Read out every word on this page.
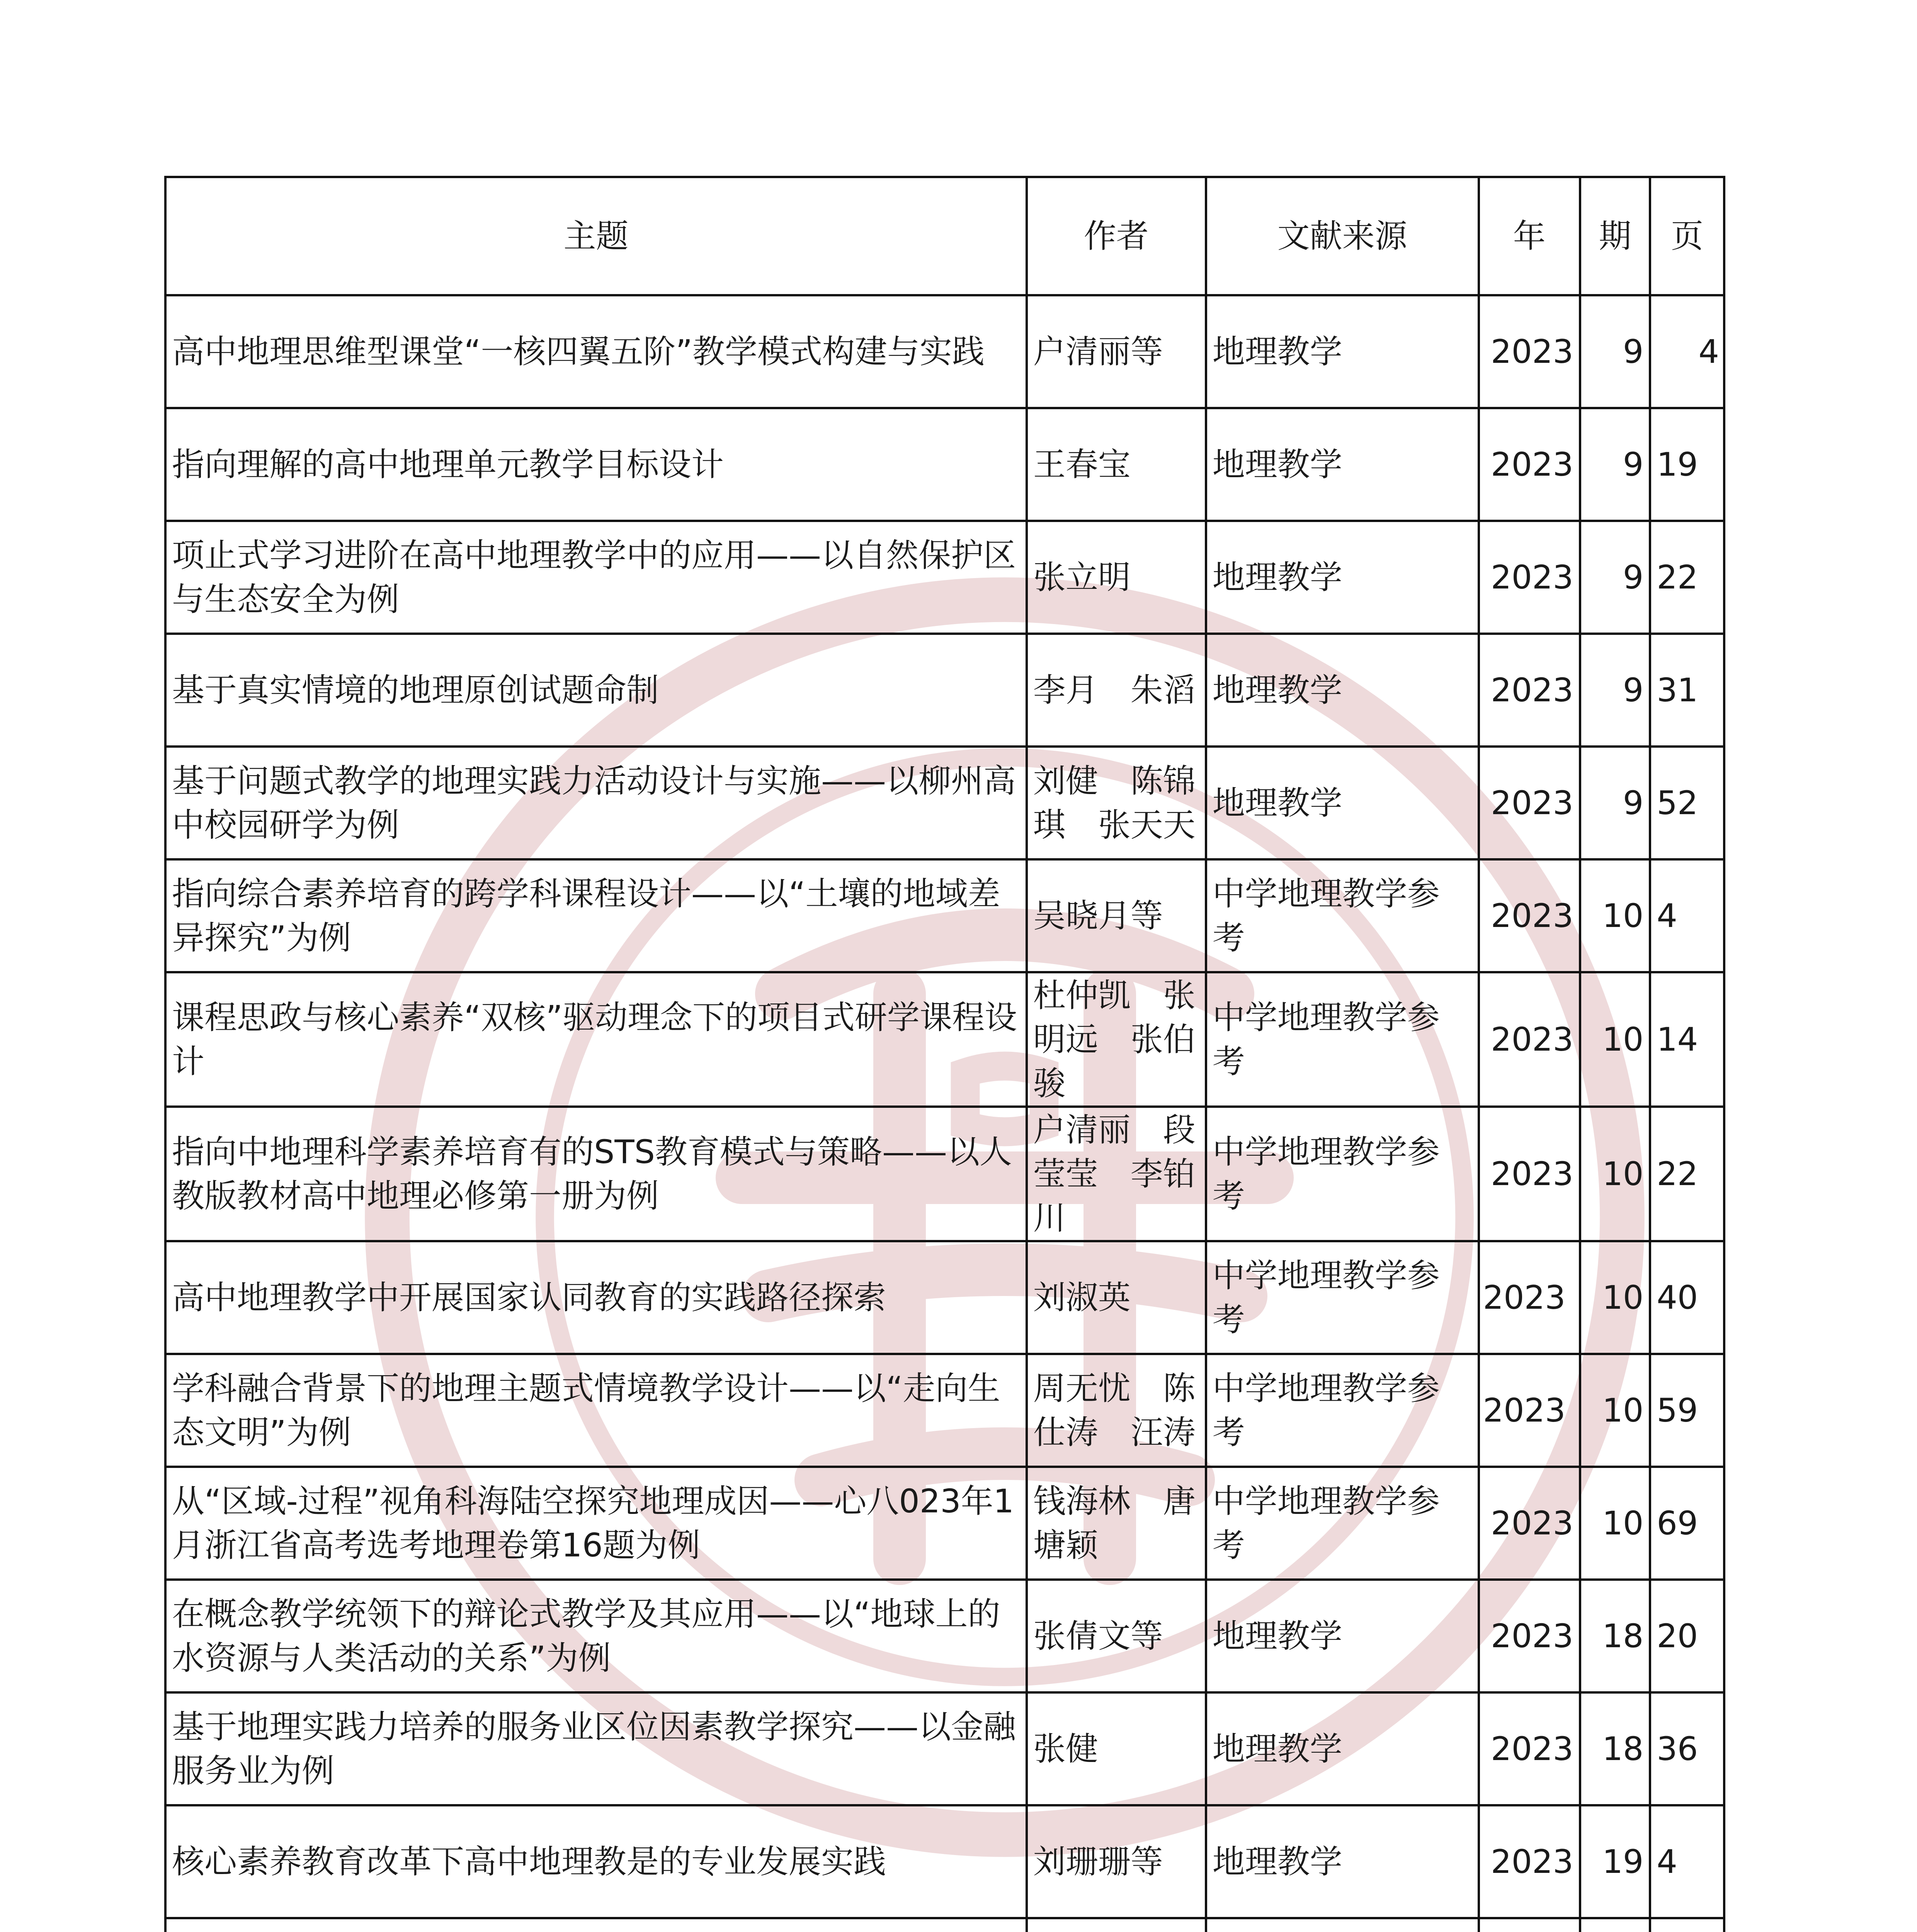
主题	作者	文献来源	年	期	页
高中地理思维型课堂“一核四翼五阶”教学模式构建与实践	户清丽等	地理教学	2023	9	4
指向理解的高中地理单元教学目标设计	王春宝	地理教学	2023	9	19
项止式学习进阶在高中地理教学中的应用——以自然保护区与生态安全为例	张立明	地理教学	2023	9	22
基于真实情境的地理原创试题命制	李月　朱滔	地理教学	2023	9	31
基于问题式教学的地理实践力活动设计与实施——以柳州高中校园研学为例	刘健　陈锦琪　张天天	地理教学	2023	9	52
指向综合素养培育的跨学科课程设计——以“土壤的地域差异探究”为例	吴晓月等	中学地理教学参考	2023	10	4
课程思政与核心素养“双核”驱动理念下的项目式研学课程设计	杜仲凯　张明远　张伯骏	中学地理教学参考	2023	10	14
指向中地理科学素养培育有的STS教育模式与策略——以人教版教材高中地理必修第一册为例	户清丽　段莹莹　李铂川	中学地理教学参考	2023	10	22
高中地理教学中开展国家认同教育的实践路径探索	刘淑英	中学地理教学参考	2023	10	40
学科融合背景下的地理主题式情境教学设计——以“走向生态文明”为例	周无忧　陈仕涛　汪涛	中学地理教学参考	2023	10	59
从“区域-过程”视角科海陆空探究地理成因——心八023年1月浙江省高考选考地理卷第16题为例	钱海林　唐塘颖	中学地理教学参考	2023	10	69
在概念教学统领下的辩论式教学及其应用——以“地球上的水资源与人类活动的关系”为例	张倩文等	地理教学	2023	18	20
基于地理实践力培养的服务业区位因素教学探究——以金融服务业为例	张健	地理教学	2023	18	36
核心素养教育改革下高中地理教是的专业发展实践	刘珊珊等	地理教学	2023	19	4
